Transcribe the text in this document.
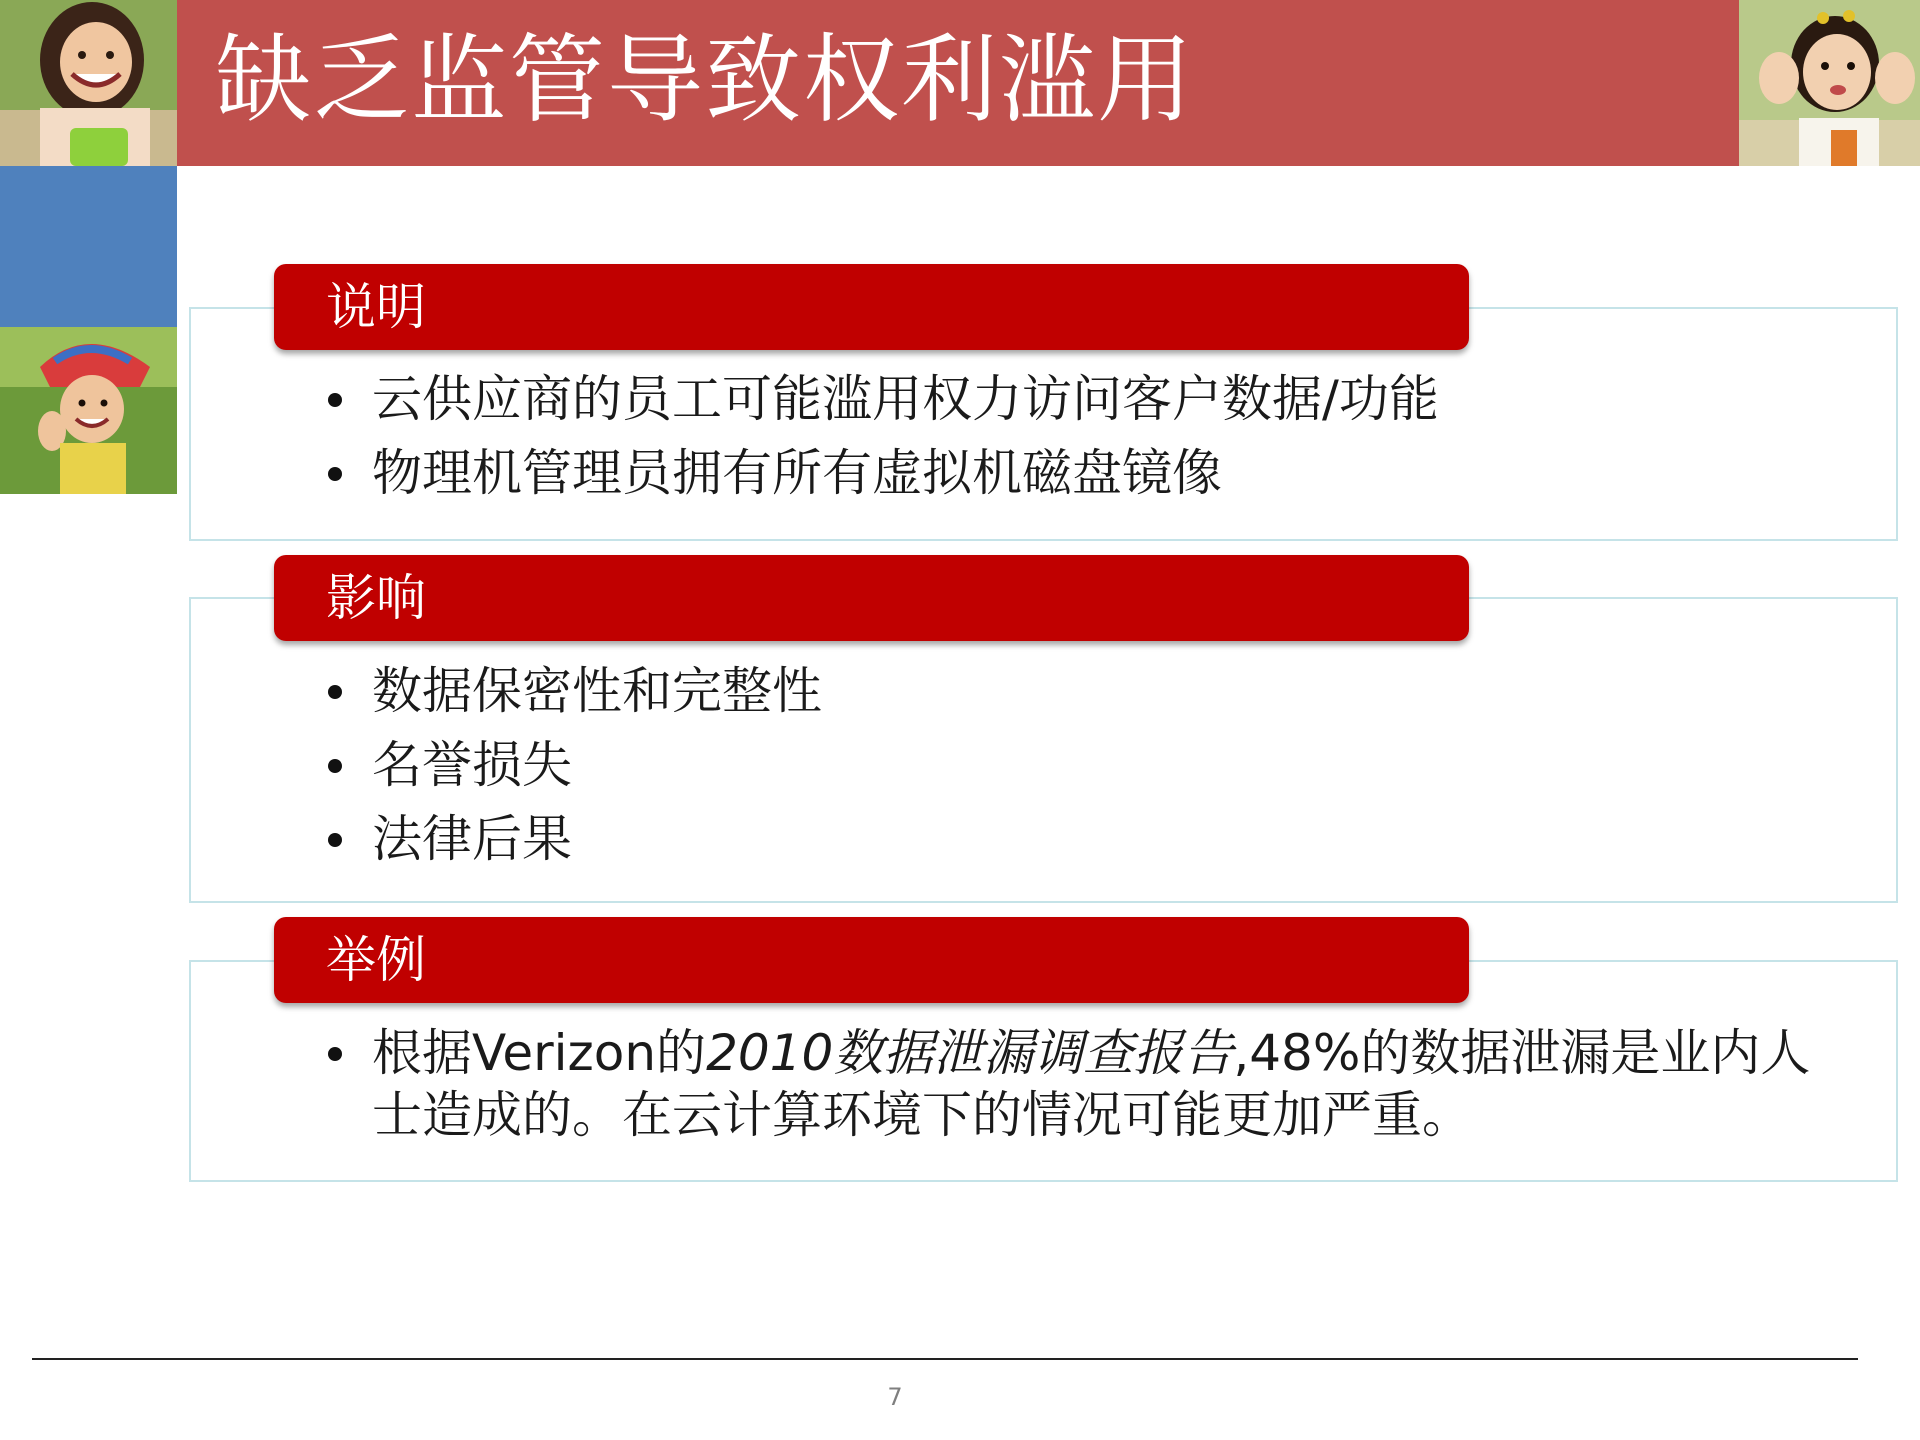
缺乏监管导致权利滥用
说明
云供应商的员工可能滥用权力访问客户数据/功能
物理机管理员拥有所有虚拟机磁盘镜像
影响
数据保密性和完整性
名誉损失
法律后果
举例
根据Verizon的2010数据泄漏调查报告,48%的数据泄漏是业内人士造成的。在云计算环境下的情况可能更加严重。
7
